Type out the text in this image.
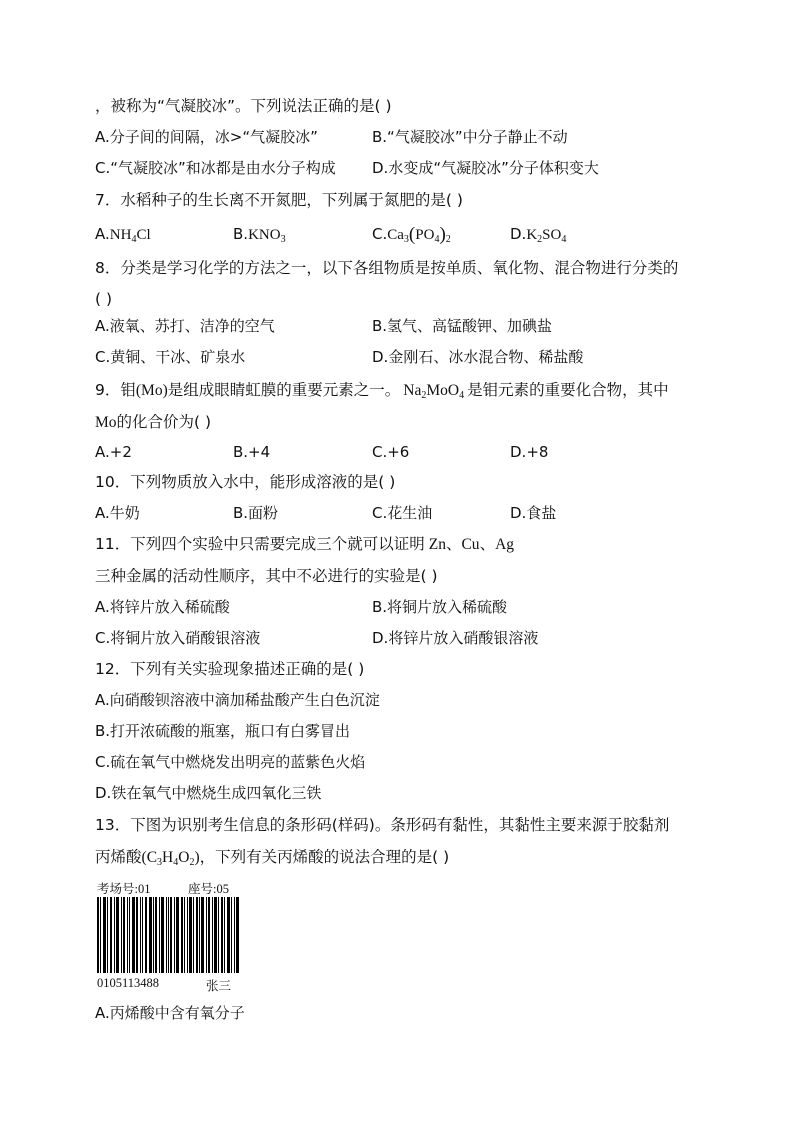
，被称为“气凝胶冰”。下列说法正确的是( )
A.分子间的间隔，冰>“气凝胶冰”	B.“气凝胶冰”中分子静止不动
C.“气凝胶冰”和冰都是由水分子构成 D.水变成“气凝胶冰”分子体积变大
7．水稻种子的生长离不开氮肥，下列属于氮肥的是( )
$A.NH_4Cl$	$B.KNO_3$	$C.Ca_3(PO_4)_2$	$D.K_2SO_4$
8．分类是学习化学的方法之一，以下各组物质是按单质、氧化物、混合物进行分类的
( )
A.液氧、苏打、洁净的空气	B.氢气、高锰酸钾、加碘盐
C.黄铜、干冰、矿泉水	D.金刚石、冰水混合物、稀盐酸
9．钼(Mo)是组成眼睛虹膜的重要元素之一。 $Na_2MoO_4$ 是钼元素的重要化合物，其中
Mo的化合价为( )
A.+2	B.+4	C.+6	D.+8
10．下列物质放入水中，能形成溶液的是( )
A.牛奶	B.面粉	C.花生油	D.食盐
11．下列四个实验中只需要完成三个就可以证明 Zn、Cu、Ag
三种金属的活动性顺序，其中不必进行的实验是( )
A.将锌片放入稀硫酸	B.将铜片放入稀硫酸
C.将铜片放入硝酸银溶液	D.将锌片放入硝酸银溶液
12．下列有关实验现象描述正确的是( )
A.向硝酸钡溶液中滴加稀盐酸产生白色沉淀
B.打开浓硫酸的瓶塞，瓶口有白雾冒出
C.硫在氧气中燃烧发出明亮的蓝紫色火焰
D.铁在氧气中燃烧生成四氧化三铁
13．下图为识别考生信息的条形码(样码)。条形码有黏性，其黏性主要来源于胶黏剂
丙烯酸$(C_3H_4O_2)$，下列有关丙烯酸的说法合理的是( )
考场号:01	座号:05
0105113488	张三
A.丙烯酸中含有氧分子
